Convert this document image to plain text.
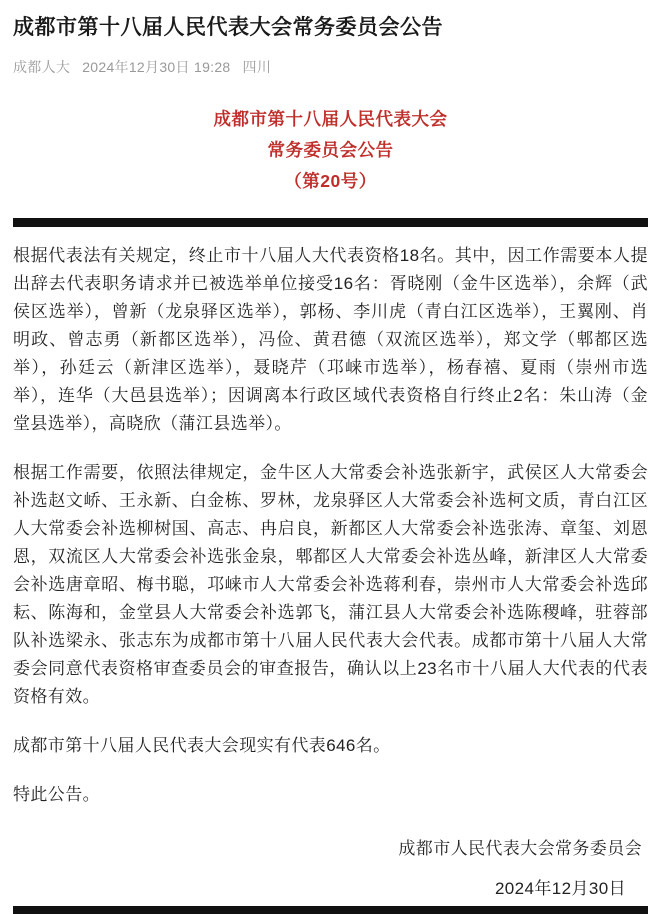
成都市第十八届人民代表大会常务委员会公告
成都人大 2024年12月30日 19:28 四川
成都市第十八届人民代表大会
常务委员会公告
（第20号）

根据代表法有关规定，终止市十八届人大代表资格18名。其中，因工作需要本人提出辞去代表职务请求并已被选举单位接受16名：胥晓刚（金牛区选举），余辉（武侯区选举），曾新（龙泉驿区选举），郭杨、李川虎（青白江区选举），王翼刚、肖明政、曾志勇（新都区选举），冯俭、黄君德（双流区选举），郑文学（郫都区选举），孙廷云（新津区选举），聂晓芹（邛崃市选举），杨春禧、夏雨（崇州市选举），连华（大邑县选举）；因调离本行政区域代表资格自行终止2名：朱山涛（金堂县选举），高晓欣（蒲江县选举）。

根据工作需要，依照法律规定，金牛区人大常委会补选张新宇，武侯区人大常委会补选赵文峤、王永新、白金栋、罗林，龙泉驿区人大常委会补选柯文质，青白江区人大常委会补选柳树国、高志、冉启良，新都区人大常委会补选张涛、章玺、刘恩恩，双流区人大常委会补选张金泉，郫都区人大常委会补选丛峰，新津区人大常委会补选唐章昭、梅书聪，邛崃市人大常委会补选蒋利春，崇州市人大常委会补选邱耘、陈海和，金堂县人大常委会补选郭飞，蒲江县人大常委会补选陈稷峰，驻蓉部队补选梁永、张志东为成都市第十八届人民代表大会代表。成都市第十八届人大常委会同意代表资格审查委员会的审查报告，确认以上23名市十八届人大代表的代表资格有效。

成都市第十八届人民代表大会现实有代表646名。

特此公告。

成都市人民代表大会常务委员会
2024年12月30日
